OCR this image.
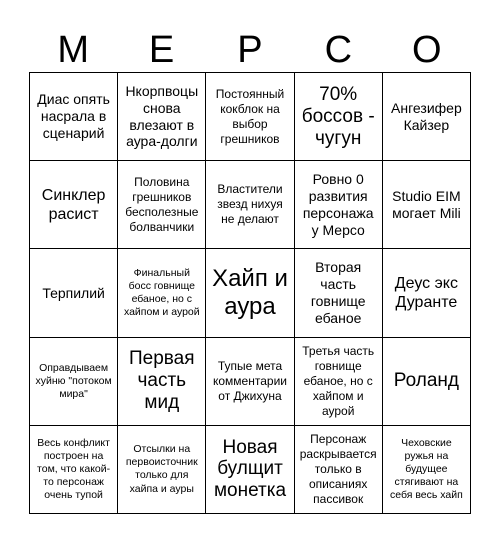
M	E	P	C	O
Диас опять насрала в сценарий
Нкорпвоцы снова влезают в аура-долги
Постоянный кокблок на выбор грешников
70% боссов - чугун
Ангезифер Кайзер
Синклер расист
Половина грешников бесполезные болванчики
Властители звезд нихуя не делают
Ровно 0 развития персонажа у Мерсо
Studio EIM могает Mili
Терпилий
Финальный босс говнище ебаное, но с хайпом и аурой
Хайп и аура
Вторая часть говнище ебаное
Деус экс Дуранте
Оправдываем хуйню "потоком мира"
Первая часть мид
Тупые мета комментарии от Джихуна
Третья часть говнище ебаное, но с хайпом и аурой
Роланд
Весь конфликт построен на том, что какой-то персонаж очень тупой
Отсылки на первоисточник только для хайпа и ауры
Новая булщит монетка
Персонаж раскрывается только в описаниях пассивок
Чеховские ружья на будущее стягивают на себя весь хайп
